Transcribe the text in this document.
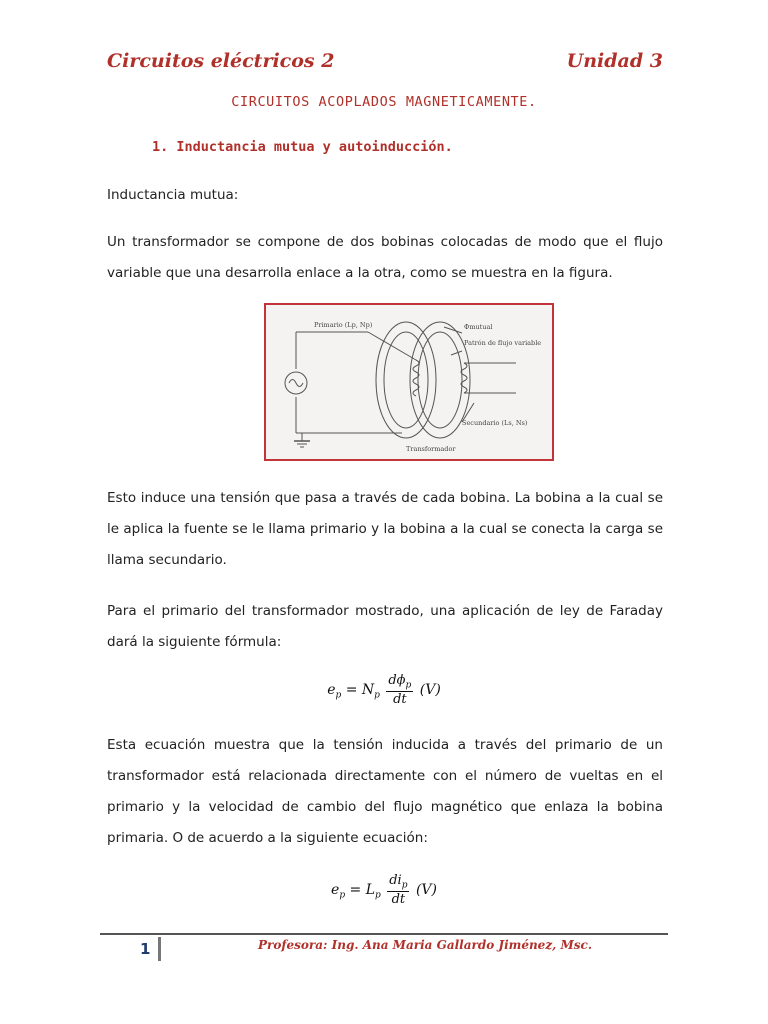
Circuitos eléctricos 2	Unidad 3
CIRCUITOS ACOPLADOS MAGNETICAMENTE.
1. Inductancia mutua y autoinducción.
Inductancia mutua:
Un transformador se compone de dos bobinas colocadas de modo que el flujo variable que una desarrolla enlace a la otra, como se muestra en la figura.
Primario (Lp, Np)	Φmutual
Patrón de flujo variable
Secundario (Ls, Ns)
Transformador
Esto induce una tensión que pasa a través de cada bobina. La bobina a la cual se le aplica la fuente se le llama primario y la bobina a la cual se conecta la carga se llama secundario.
Para el primario del transformador mostrado, una aplicación de ley de Faraday dará la siguiente fórmula:
$e_p = N_p \frac{d\phi_p}{dt} (V)$
Esta ecuación muestra que la tensión inducida a través del primario de un transformador está relacionada directamente con el número de vueltas en el primario y la velocidad de cambio del flujo magnético que enlaza la bobina primaria. O de acuerdo a la siguiente ecuación:
$e_p = L_p \frac{di_p}{dt} (V)$
1	Profesora: Ing. Ana Maria Gallardo Jiménez, Msc.
